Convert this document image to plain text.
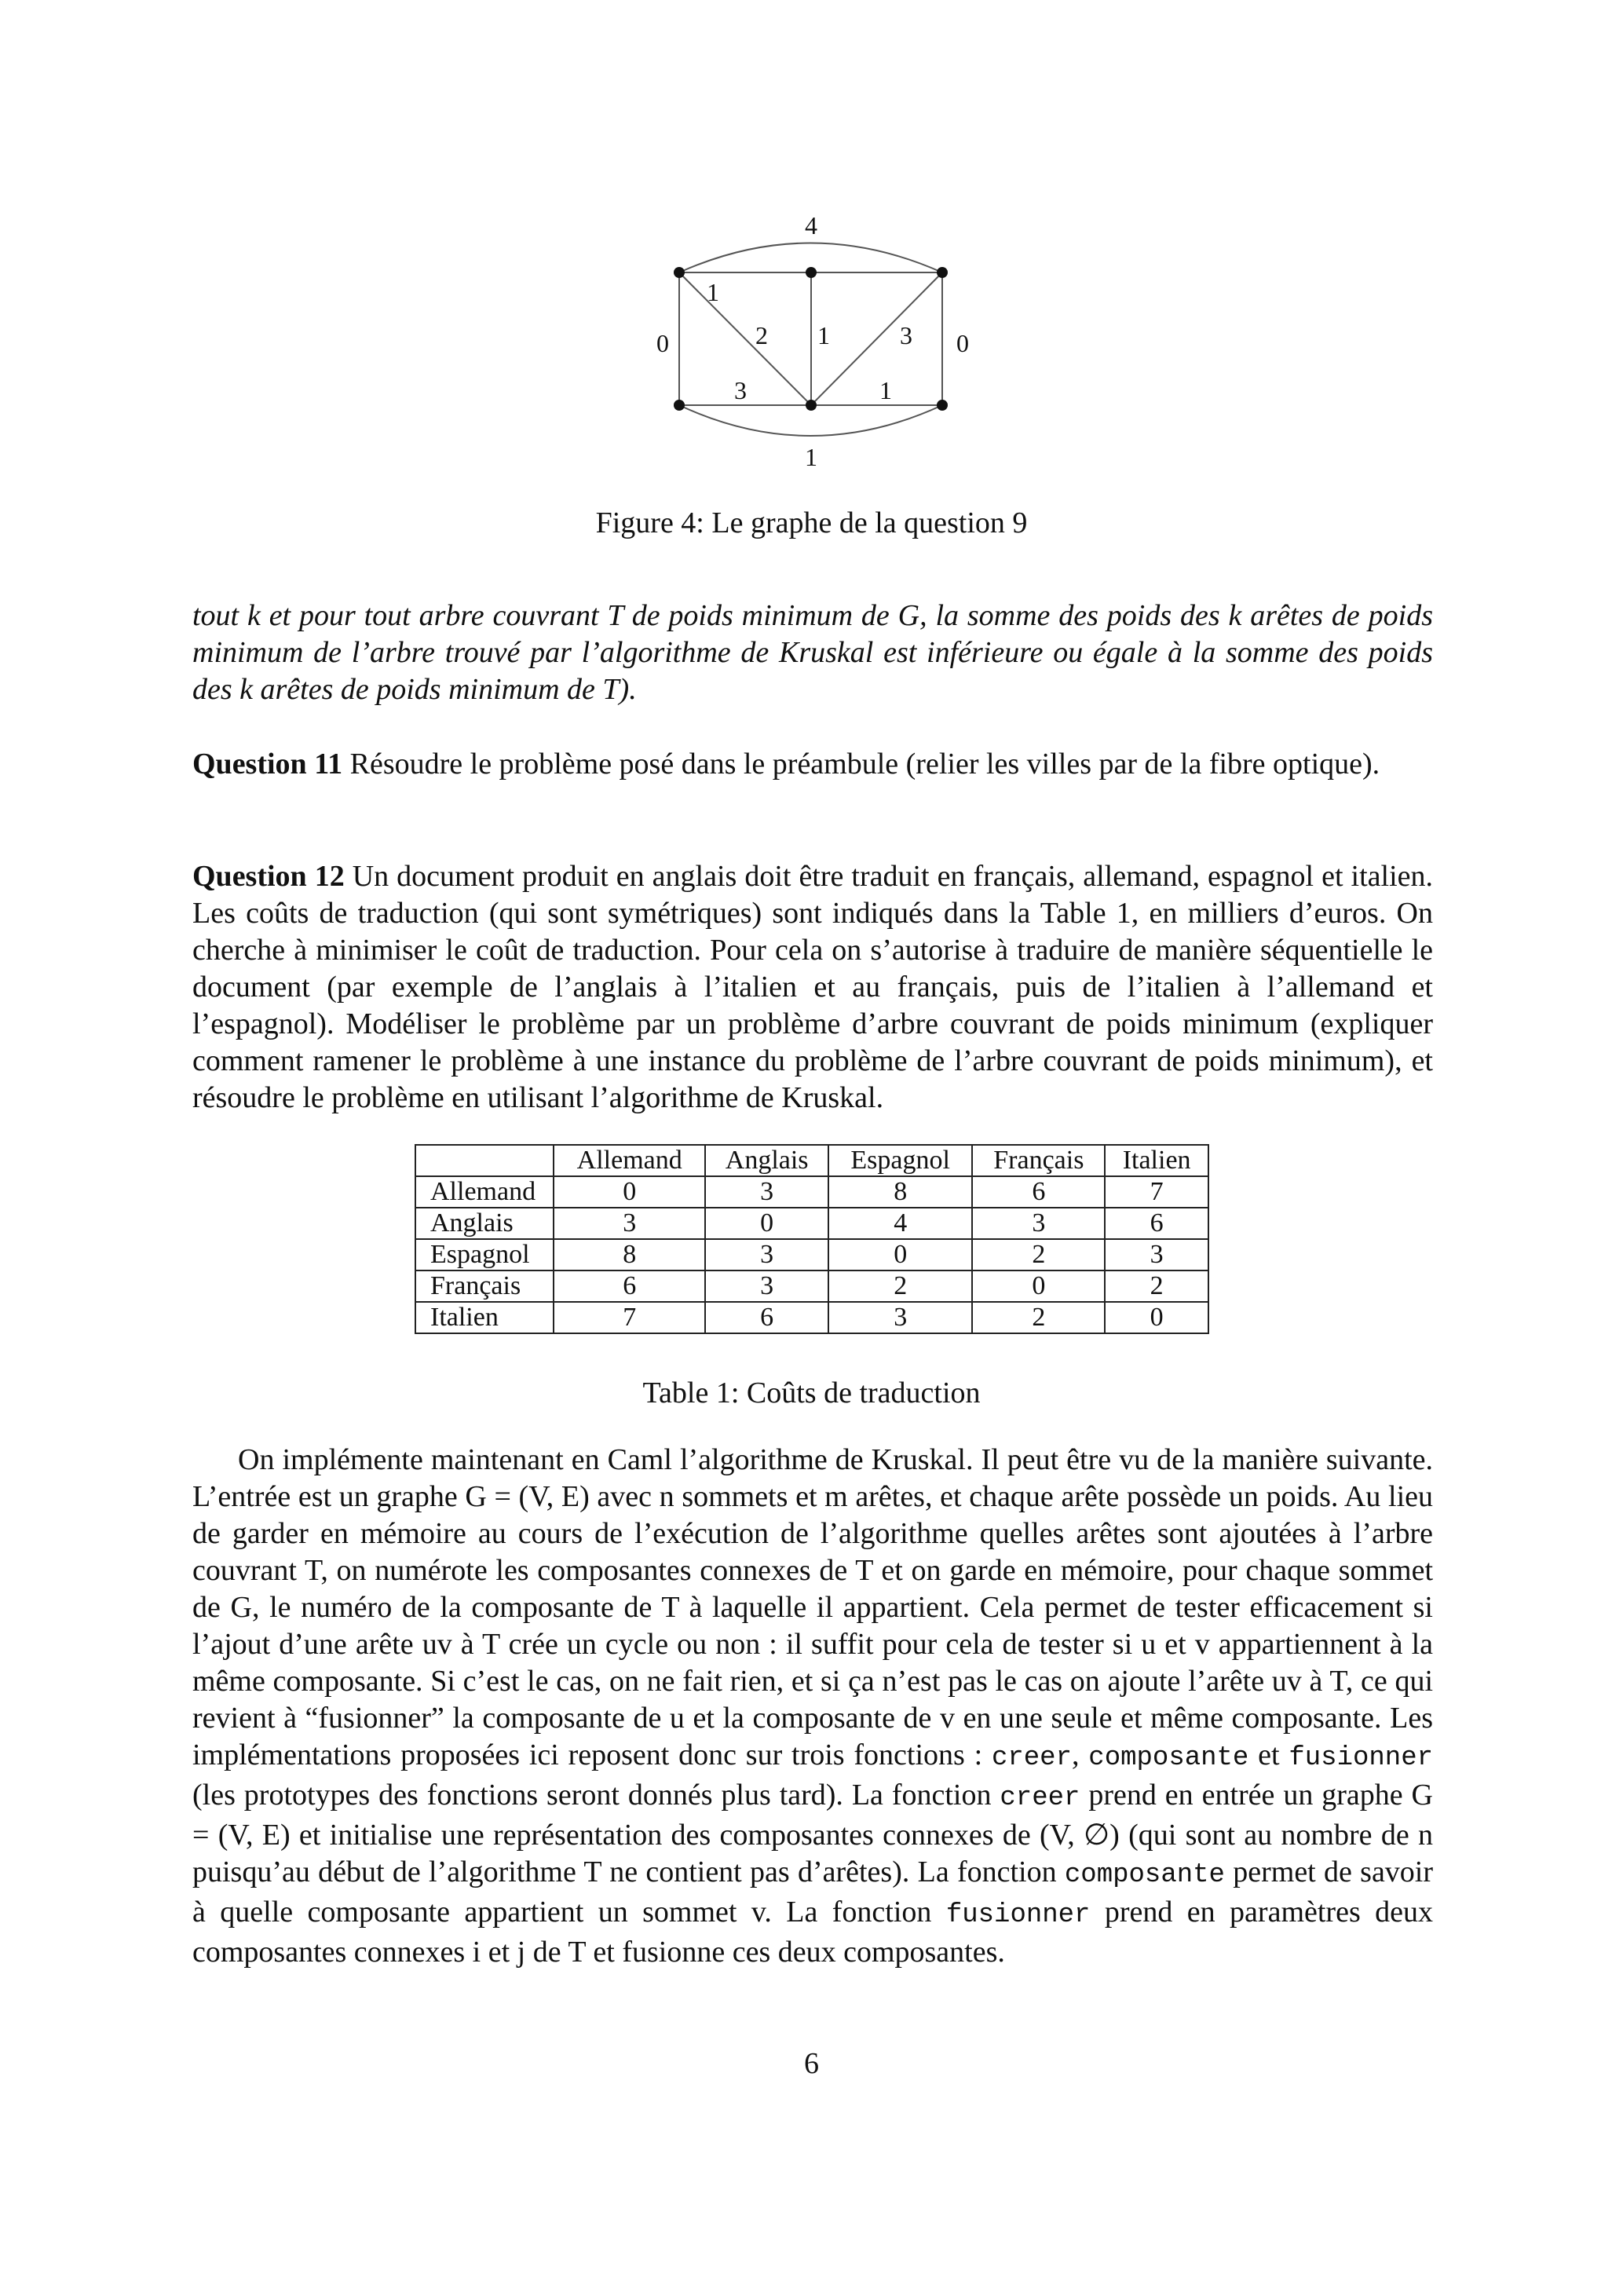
4
1
2 1	3
0	0
3	1
1
Figure 4: Le graphe de la question 9

tout k et pour tout arbre couvrant T de poids minimum de G, la somme des poids des k arêtes de poids minimum de l’arbre trouvé par l’algorithme de Kruskal est inférieure ou égale à la somme des poids des k arêtes de poids minimum de T).

Question 11 Résoudre le problème posé dans le préambule (relier les villes par de la fibre optique).

Question 12 Un document produit en anglais doit être traduit en français, allemand, espagnol et italien. Les coûts de traduction (qui sont symétriques) sont indiqués dans la Table 1, en milliers d’euros. On cherche à minimiser le coût de traduction. Pour cela on s’autorise à traduire de manière séquentielle le document (par exemple de l’anglais à l’italien et au français, puis de l’italien à l’allemand et l’espagnol). Modéliser le problème par un problème d’arbre couvrant de poids minimum (expliquer comment ramener le problème à une instance du problème de l’arbre couvrant de poids minimum), et résoudre le problème en utilisant l’algorithme de Kruskal.

	Allemand	Anglais	Espagnol	Français	Italien
Allemand	0	3	8	6	7
Anglais	3	0	4	3	6
Espagnol	8	3	0	2	3
Français	6	3	2	0	2
Italien	7	6	3	2	0
Table 1: Coûts de traduction

On implémente maintenant en Caml l’algorithme de Kruskal. Il peut être vu de la manière suivante. L’entrée est un graphe G = (V, E) avec n sommets et m arêtes, et chaque arête possède un poids. Au lieu de garder en mémoire au cours de l’exécution de l’algorithme quelles arêtes sont ajoutées à l’arbre couvrant T, on numérote les composantes connexes de T et on garde en mémoire, pour chaque sommet de G, le numéro de la composante de T à laquelle il appartient. Cela permet de tester efficacement si l’ajout d’une arête uv à T crée un cycle ou non : il suffit pour cela de tester si u et v appartiennent à la même composante. Si c’est le cas, on ne fait rien, et si ça n’est pas le cas on ajoute l’arête uv à T, ce qui revient à “fusionner” la composante de u et la composante de v en une seule et même composante. Les implémentations proposées ici reposent donc sur trois fonctions : creer, composante et fusionner (les prototypes des fonctions seront donnés plus tard). La fonction creer prend en entrée un graphe G = (V, E) et initialise une représentation des composantes connexes de (V, ∅) (qui sont au nombre de n puisqu’au début de l’algorithme T ne contient pas d’arêtes). La fonction composante permet de savoir à quelle composante appartient un sommet v. La fonction fusionner prend en paramètres deux composantes connexes i et j de T et fusionne ces deux composantes.

6
